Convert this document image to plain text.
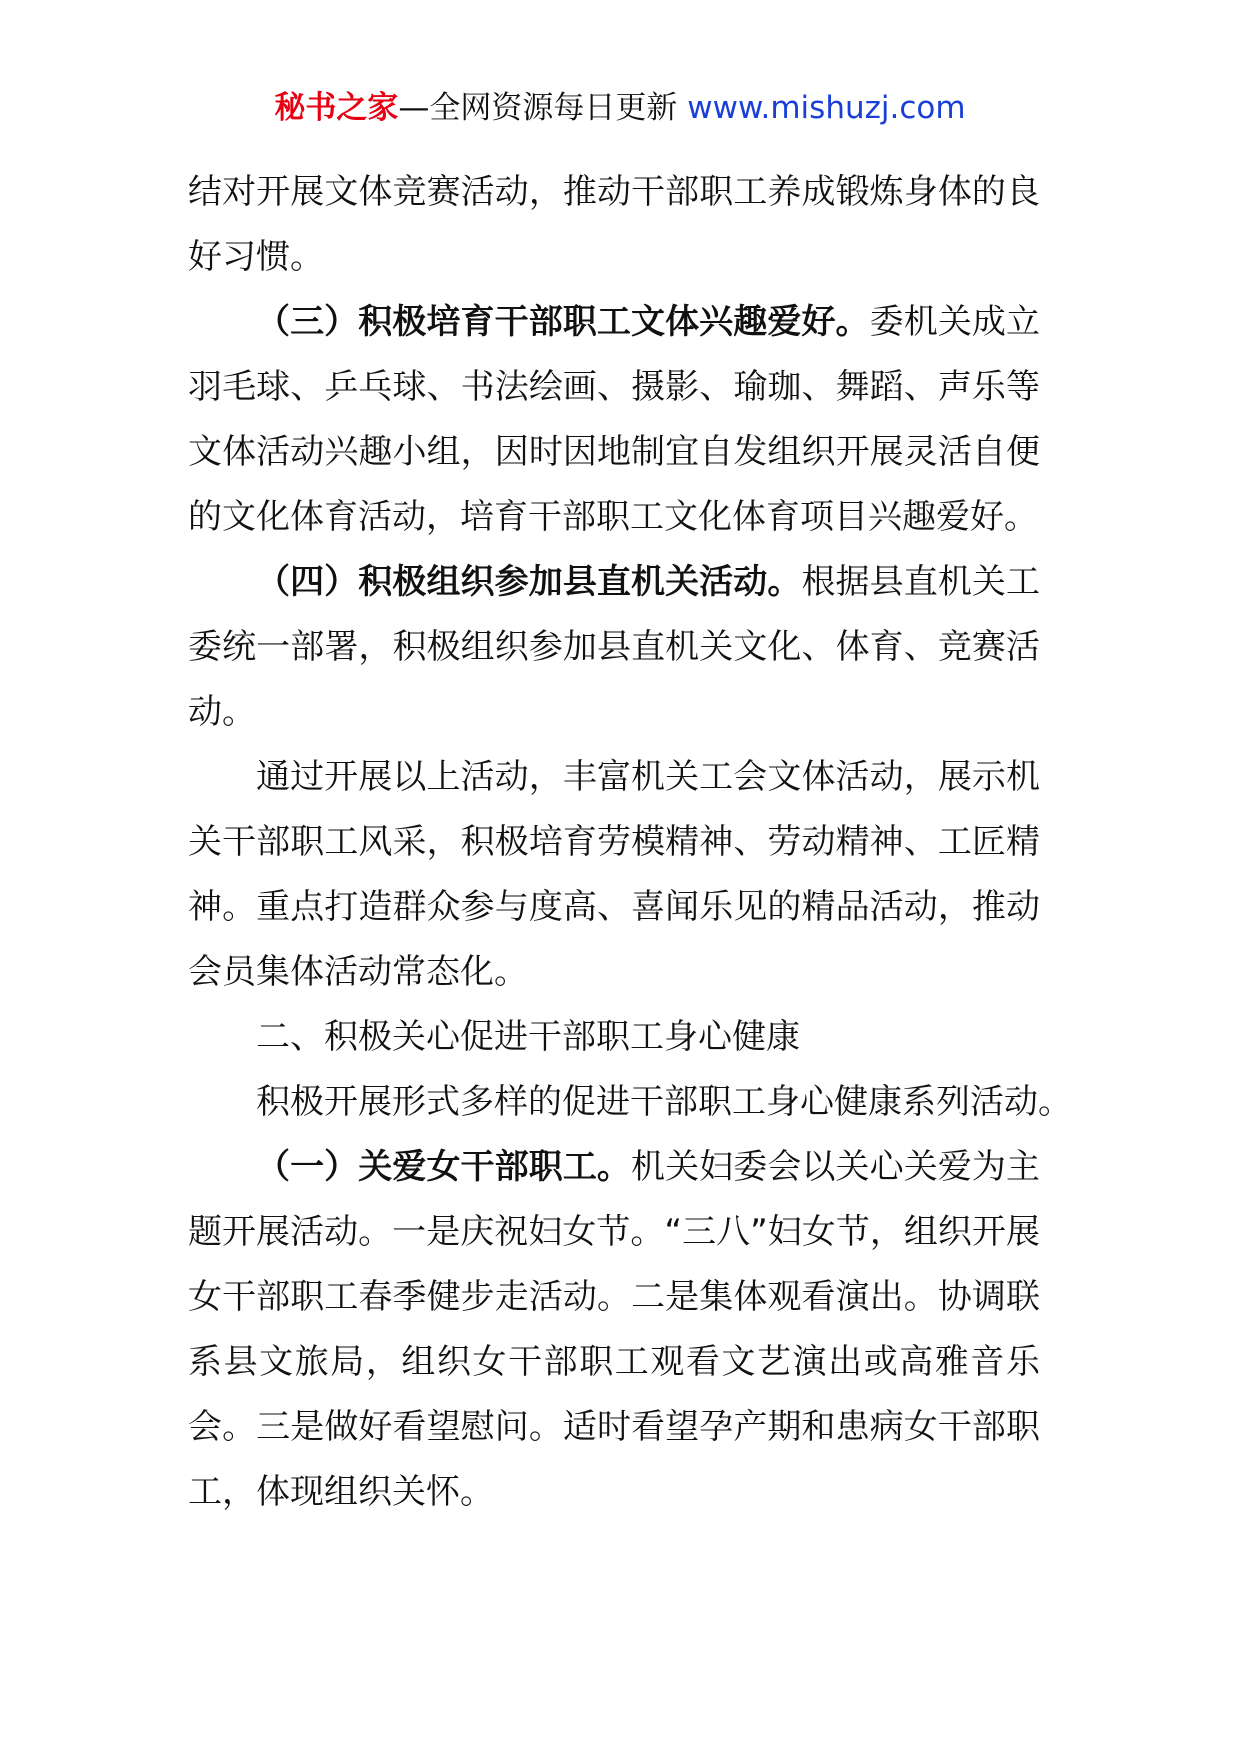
秘书之家—全网资源每日更新 www.mishuzj.com

结对开展文体竞赛活动，推动干部职工养成锻炼身体的良好习惯。

（三）积极培育干部职工文体兴趣爱好。委机关成立羽毛球、乒乓球、书法绘画、摄影、瑜珈、舞蹈、声乐等文体活动兴趣小组，因时因地制宜自发组织开展灵活自便的文化体育活动，培育干部职工文化体育项目兴趣爱好。

（四）积极组织参加县直机关活动。根据县直机关工委统一部署，积极组织参加县直机关文化、体育、竞赛活动。

通过开展以上活动，丰富机关工会文体活动，展示机关干部职工风采，积极培育劳模精神、劳动精神、工匠精神。重点打造群众参与度高、喜闻乐见的精品活动，推动会员集体活动常态化。

二、积极关心促进干部职工身心健康

积极开展形式多样的促进干部职工身心健康系列活动。

（一）关爱女干部职工。机关妇委会以关心关爱为主题开展活动。一是庆祝妇女节。“三八”妇女节，组织开展女干部职工春季健步走活动。二是集体观看演出。协调联系县文旅局，组织女干部职工观看文艺演出或高雅音乐会。三是做好看望慰问。适时看望孕产期和患病女干部职工，体现组织关怀。
